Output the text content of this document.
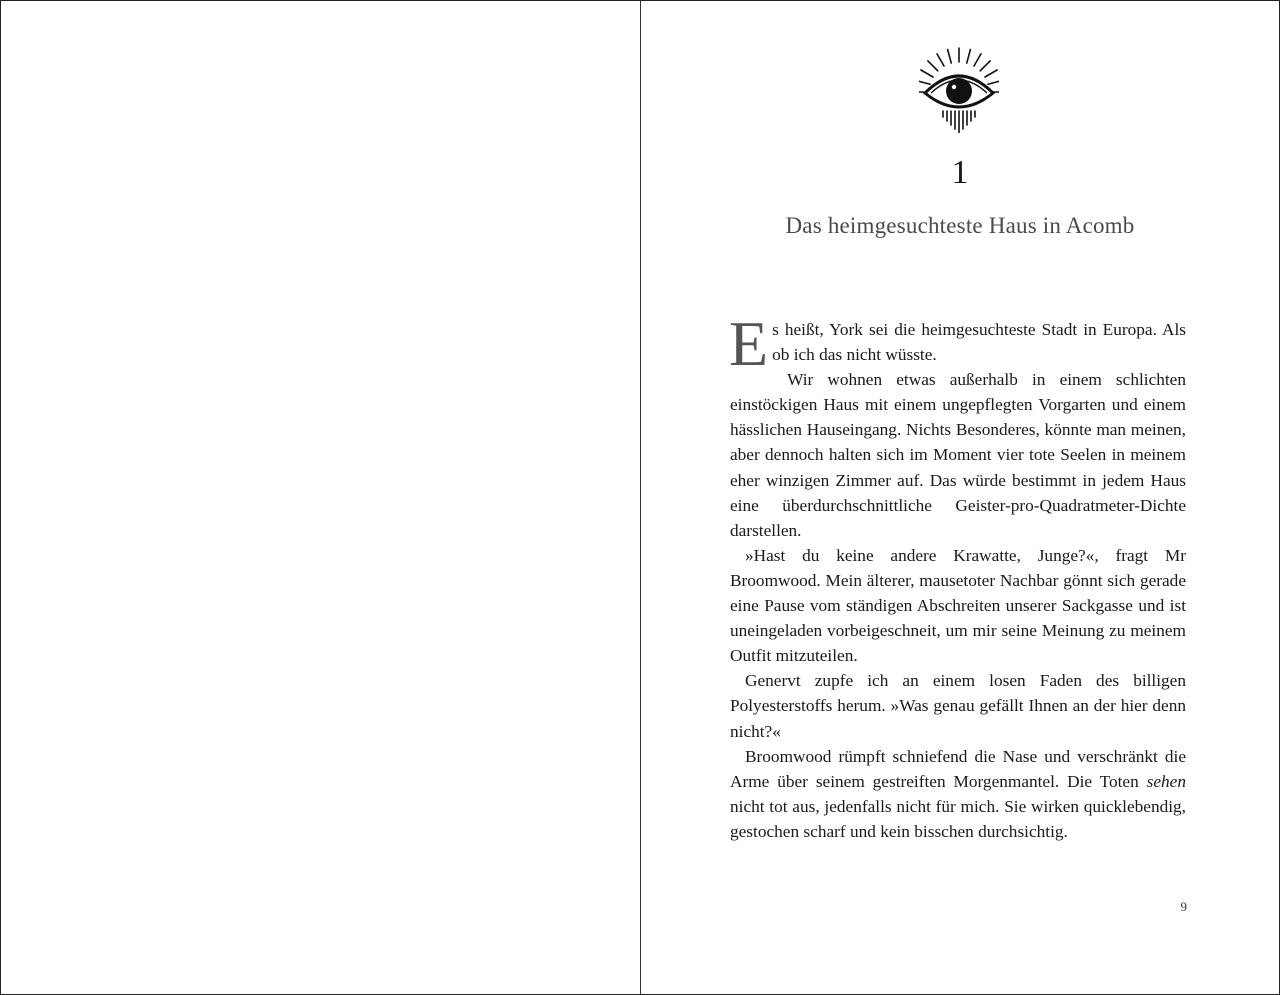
1
Das heimgesuchteste Haus in Acomb

Es heißt, York sei die heimgesuchteste Stadt in Europa. Als ob ich das nicht wüsste.

Wir wohnen etwas außerhalb in einem schlichten einstöckigen Haus mit einem ungepflegten Vorgarten und einem hässlichen Hauseingang. Nichts Besonderes, könnte man meinen, aber dennoch halten sich im Moment vier tote Seelen in meinem eher winzigen Zimmer auf. Das würde bestimmt in jedem Haus eine überdurchschnittliche Geister-pro-Quadratmeter-Dichte darstellen.

»Hast du keine andere Krawatte, Junge?«, fragt Mr Broomwood. Mein älterer, mausetoter Nachbar gönnt sich gerade eine Pause vom ständigen Abschreiten unserer Sackgasse und ist uneingeladen vorbeigeschneit, um mir seine Meinung zu meinem Outfit mitzuteilen.

Genervt zupfe ich an einem losen Faden des billigen Polyesterstoffs herum. »Was genau gefällt Ihnen an der hier denn nicht?«

Broomwood rümpft schniefend die Nase und verschränkt die Arme über seinem gestreiften Morgenmantel. Die Toten sehen nicht tot aus, jedenfalls nicht für mich. Sie wirken quicklebendig, gestochen scharf und kein bisschen durchsichtig.

9
